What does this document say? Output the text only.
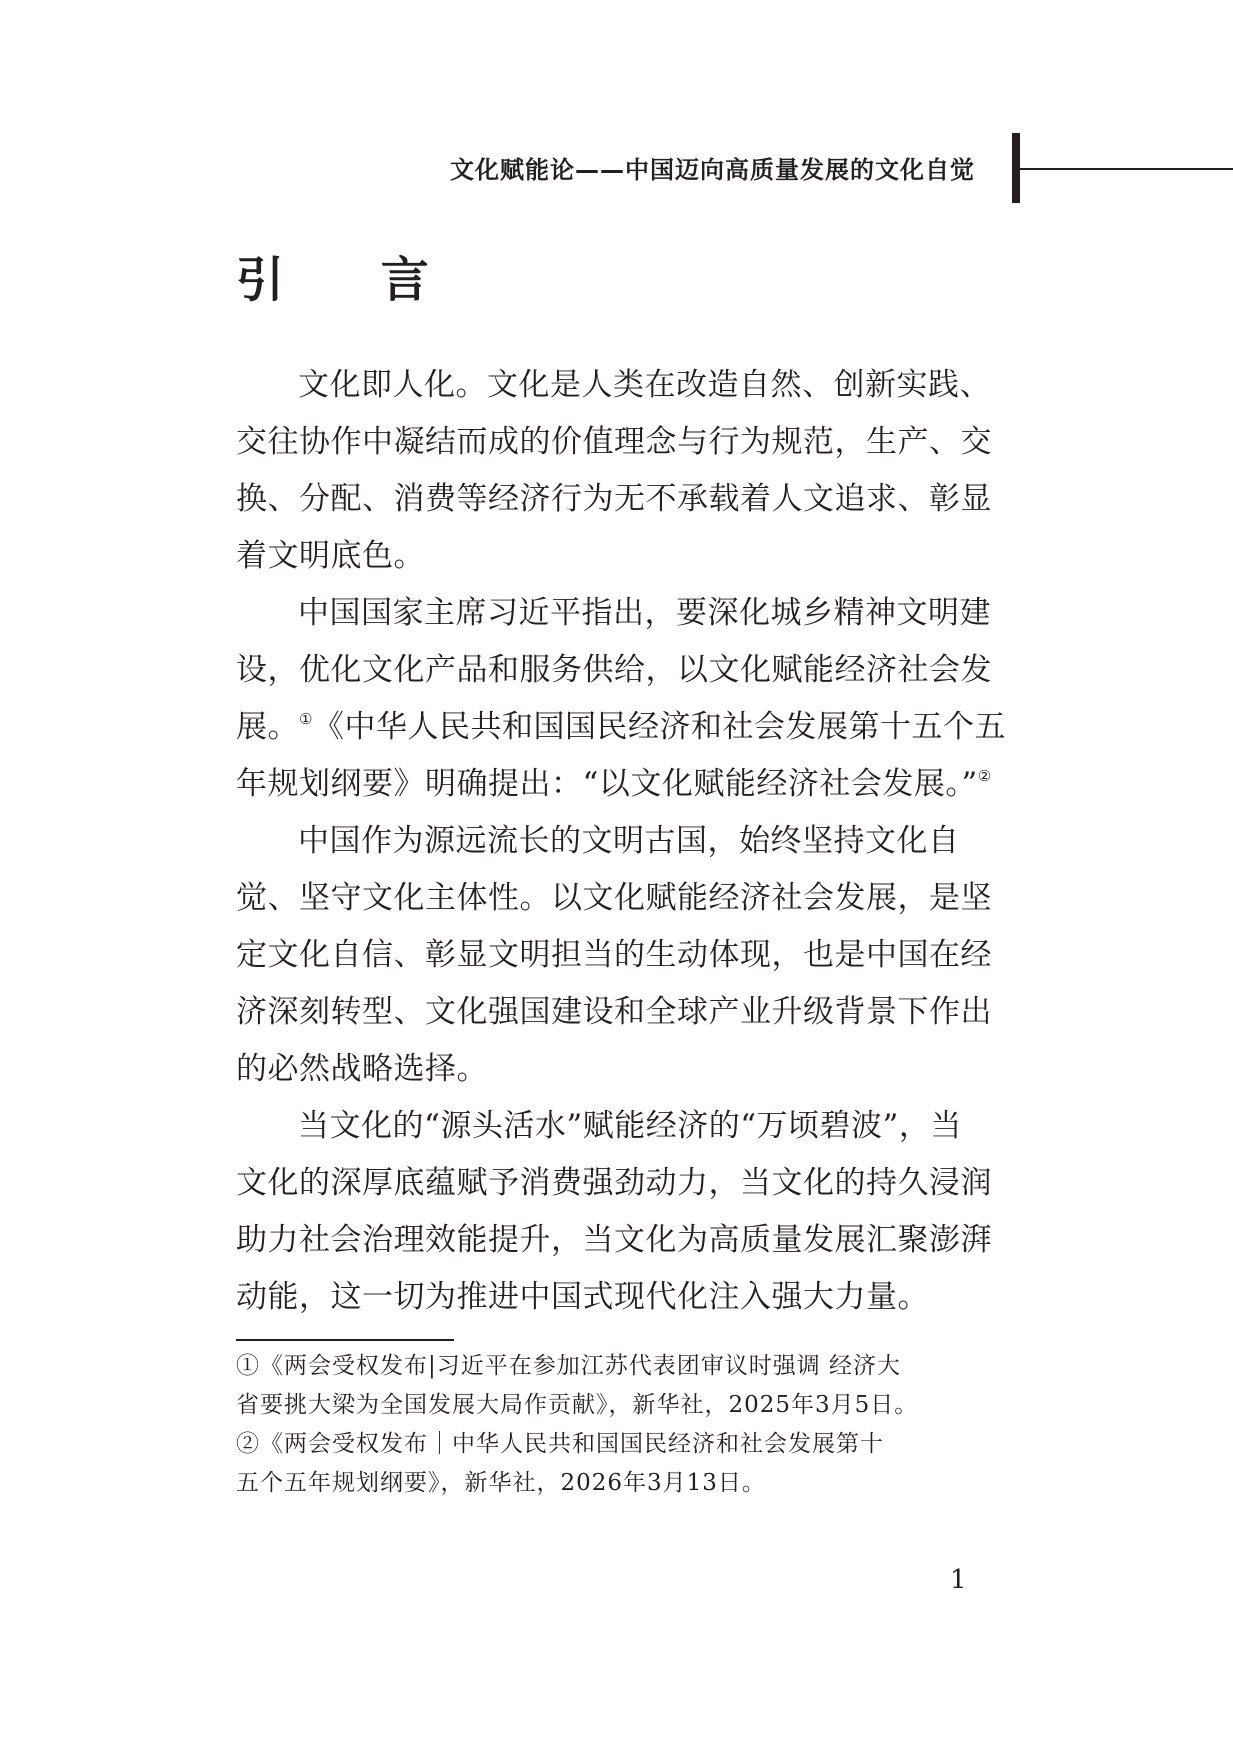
文化赋能论——中国迈向高质量发展的文化自觉
引 言
文化即人化。文化是人类在改造自然、创新实践、
交往协作中凝结而成的价值理念与行为规范，生产、交
换、分配、消费等经济行为无不承载着人文追求、彰显
着文明底色。
中国国家主席习近平指出，要深化城乡精神文明建
设，优化文化产品和服务供给，以文化赋能经济社会发
展。①《中华人民共和国国民经济和社会发展第十五个五
年规划纲要》明确提出：“以文化赋能经济社会发展。”②
中国作为源远流长的文明古国，始终坚持文化自
觉、坚守文化主体性。以文化赋能经济社会发展，是坚
定文化自信、彰显文明担当的生动体现，也是中国在经
济深刻转型、文化强国建设和全球产业升级背景下作出
的必然战略选择。
当文化的“源头活水”赋能经济的“万顷碧波”，当
文化的深厚底蕴赋予消费强劲动力，当文化的持久浸润
助力社会治理效能提升，当文化为高质量发展汇聚澎湃
动能，这一切为推进中国式现代化注入强大力量。
①《两会受权发布|习近平在参加江苏代表团审议时强调 经济大
省要挑大梁为全国发展大局作贡献》，新华社，2025年3月5日。
②《两会受权发布｜中华人民共和国国民经济和社会发展第十
五个五年规划纲要》，新华社，2026年3月13日。
1
